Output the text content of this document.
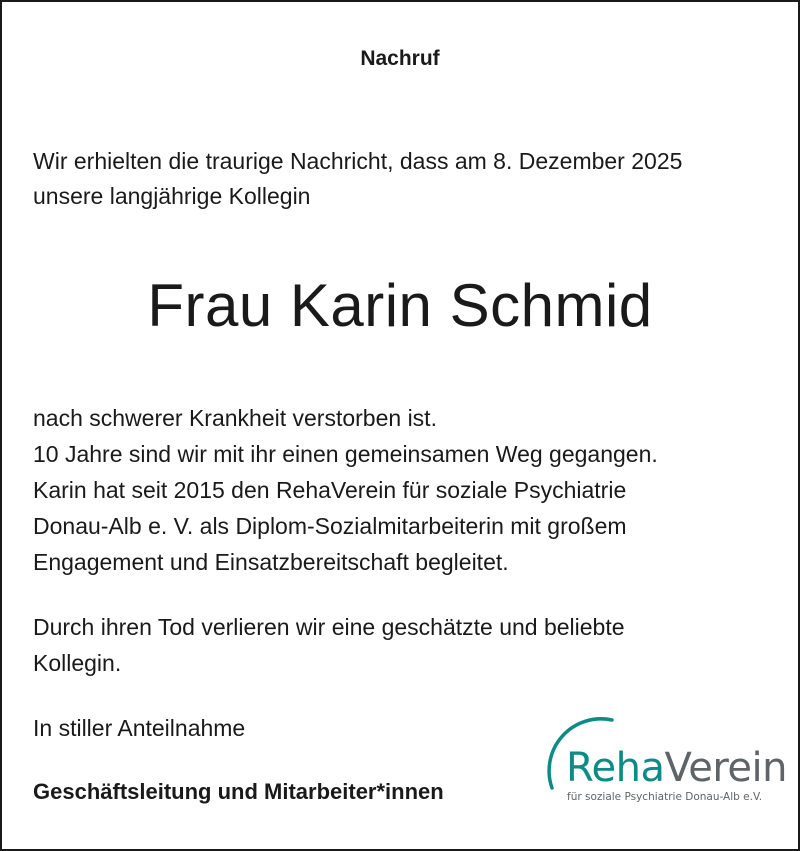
Nachruf
Wir erhielten die traurige Nachricht, dass am 8. Dezember 2025
unsere langjährige Kollegin
Frau Karin Schmid

nach schwerer Krankheit verstorben ist.
10 Jahre sind wir mit ihr einen gemeinsamen Weg gegangen.
Karin hat seit 2015 den RehaVerein für soziale Psychiatrie
Donau-Alb e. V. als Diplom-Sozialmitarbeiterin mit großem
Engagement und Einsatzbereitschaft begleitet.

Durch ihren Tod verlieren wir eine geschätzte und beliebte
Kollegin.

In stiller Anteilnahme

Geschäftsleitung und Mitarbeiter*innen
RehaVerein
für soziale Psychiatrie Donau-Alb e.V.
